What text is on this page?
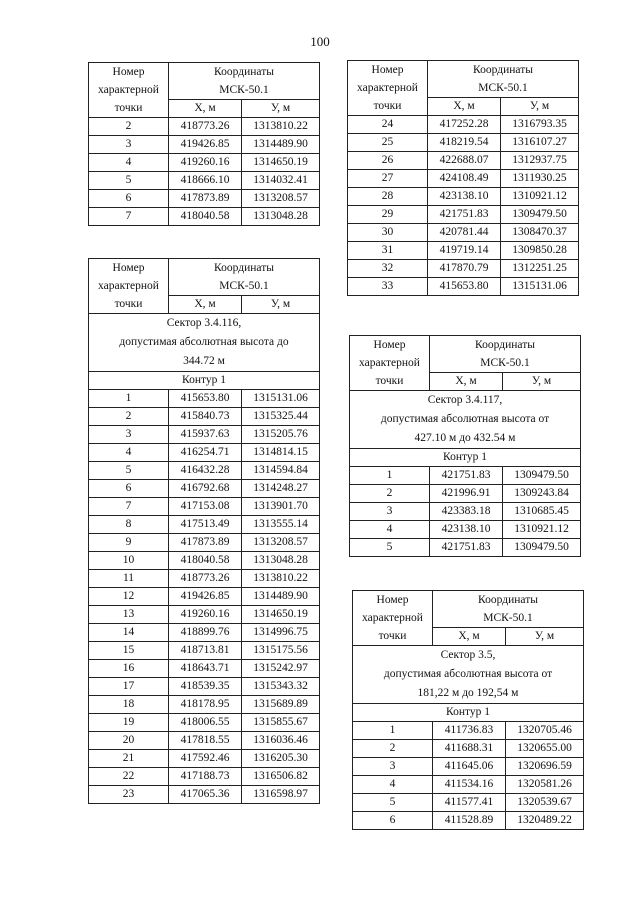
100
Номер
характерной
точки	Координаты
МСК-50.1	
	Х, м	У, м
2	418773.26	1313810.22
3	419426.85	1314489.90
4	419260.16	1314650.19
5	418666.10	1314032.41
6	417873.89	1313208.57
7	418040.58	1313048.28
Номер
характерной
точки	Координаты
МСК-50.1	
	Х, м	У, м
Сектор 3.4.116,
допустимая абсолютная высота до
344.72 м		
Контур 1		
1	415653.80	1315131.06
2	415840.73	1315325.44
3	415937.63	1315205.76
4	416254.71	1314814.15
5	416432.28	1314594.84
6	416792.68	1314248.27
7	417153.08	1313901.70
8	417513.49	1313555.14
9	417873.89	1313208.57
10	418040.58	1313048.28
11	418773.26	1313810.22
12	419426.85	1314489.90
13	419260.16	1314650.19
14	418899.76	1314996.75
15	418713.81	1315175.56
16	418643.71	1315242.97
17	418539.35	1315343.32
18	418178.95	1315689.89
19	418006.55	1315855.67
20	417818.55	1316036.46
21	417592.46	1316205.30
22	417188.73	1316506.82
23	417065.36	1316598.97
Номер
характерной
точки	Координаты
МСК-50.1	
	Х, м	У, м
24	417252.28	1316793.35
25	418219.54	1316107.27
26	422688.07	1312937.75
27	424108.49	1311930.25
28	423138.10	1310921.12
29	421751.83	1309479.50
30	420781.44	1308470.37
31	419719.14	1309850.28
32	417870.79	1312251.25
33	415653.80	1315131.06
Номер
характерной
точки	Координаты
МСК-50.1	
	Х, м	У, м
Сектор 3.4.117,
допустимая абсолютная высота от
427.10 м до 432.54 м		
Контур 1		
1	421751.83	1309479.50
2	421996.91	1309243.84
3	423383.18	1310685.45
4	423138.10	1310921.12
5	421751.83	1309479.50
Номер
характерной
точки	Координаты
МСК-50.1	
	Х, м	У, м
Сектор 3.5,
допустимая абсолютная высота от
181,22 м до 192,54 м		
Контур 1		
1	411736.83	1320705.46
2	411688.31	1320655.00
3	411645.06	1320696.59
4	411534.16	1320581.26
5	411577.41	1320539.67
6	411528.89	1320489.22
